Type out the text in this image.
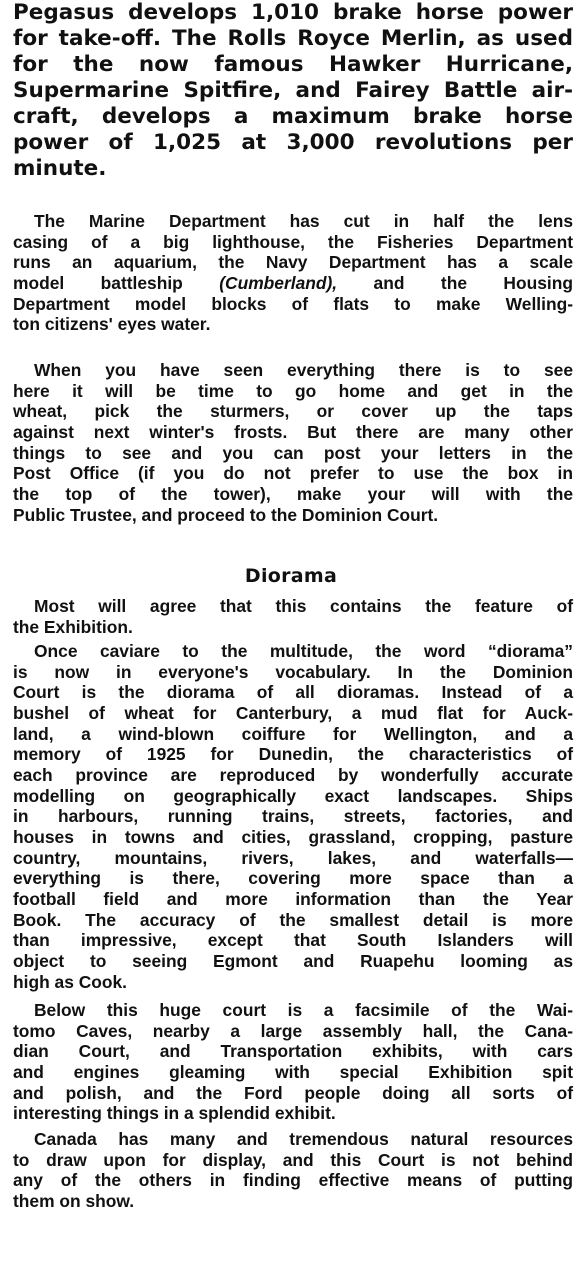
Pegasus develops 1,010 brake horse power
for take-off. The Rolls Royce Merlin, as used
for the now famous Hawker Hurricane,
Supermarine Spitfire, and Fairey Battle air-
craft, develops a maximum brake horse
power of 1,025 at 3,000 revolutions per
minute.
The Marine Department has cut in half the lens
casing of a big lighthouse, the Fisheries Department
runs an aquarium, the Navy Department has a scale
model battleship (Cumberland), and the Housing
Department model blocks of flats to make Welling-
ton citizens' eyes water.
When you have seen everything there is to see
here it will be time to go home and get in the
wheat, pick the sturmers, or cover up the taps
against next winter's frosts. But there are many other
things to see and you can post your letters in the
Post Office (if you do not prefer to use the box in
the top of the tower), make your will with the
Public Trustee, and proceed to the Dominion Court.
Diorama
Most will agree that this contains the feature of
the Exhibition.
Once caviare to the multitude, the word “diorama”
is now in everyone's vocabulary. In the Dominion
Court is the diorama of all dioramas. Instead of a
bushel of wheat for Canterbury, a mud flat for Auck-
land, a wind-blown coiffure for Wellington, and a
memory of 1925 for Dunedin, the characteristics of
each province are reproduced by wonderfully accurate
modelling on geographically exact landscapes. Ships
in harbours, running trains, streets, factories, and
houses in towns and cities, grassland, cropping, pasture
country, mountains, rivers, lakes, and waterfalls—
everything is there, covering more space than a
football field and more information than the Year
Book. The accuracy of the smallest detail is more
than impressive, except that South Islanders will
object to seeing Egmont and Ruapehu looming as
high as Cook.
Below this huge court is a facsimile of the Wai-
tomo Caves, nearby a large assembly hall, the Cana-
dian Court, and Transportation exhibits, with cars
and engines gleaming with special Exhibition spit
and polish, and the Ford people doing all sorts of
interesting things in a splendid exhibit.
Canada has many and tremendous natural resources
to draw upon for display, and this Court is not behind
any of the others in finding effective means of putting
them on show.
